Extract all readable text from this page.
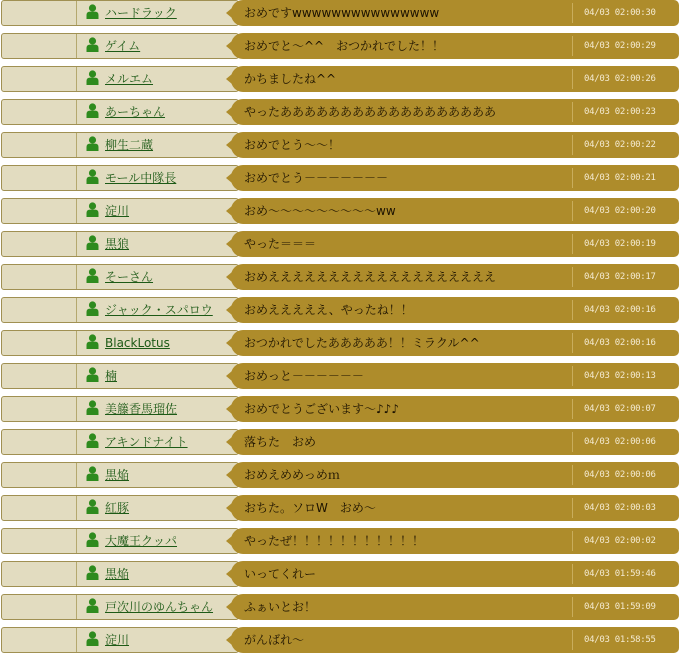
ハードラック	おめですwwwwwwwwwwwwwww	04/03 02:00:30
ゲイム	おめでと～^^　おつかれでした！！	04/03 02:00:29
メルエム	かちましたね^^	04/03 02:00:26
あーちゃん	やったああああああああああああああああああ	04/03 02:00:23
柳生二蔵	おめでとう～～！	04/03 02:00:22
モール中隊長	おめでとう－－－－－－－	04/03 02:00:21
淀川	おめ～～～～～～～～～ww	04/03 02:00:20
黒狼	やった＝＝＝	04/03 02:00:19
そーさん	おめえええええええええええええええええええ	04/03 02:00:17
ジャック・スパロウ	おめえええええ、やったね！！	04/03 02:00:16
BlackLotus	おつかれでしたあああああ！！ミラクル^^	04/03 02:00:16
楠	おめっと－－－－－－	04/03 02:00:13
美籐香馬瑠佐	おめでとうございます～♪♪♪	04/03 02:00:07
アキンドナイト	落ちた　おめ	04/03 02:00:06
黒焔	おめえめめっめｍ	04/03 02:00:06
紅豚	おちた。ソロW　おめ～	04/03 02:00:03
大魔王クッパ	やったぜ！！！！！！！！！！！	04/03 02:00:02
黒焔	いってくれー	04/03 01:59:46
戸次川のゆんちゃん	ふぁいとお！	04/03 01:59:09
淀川	がんばれ～	04/03 01:58:55
